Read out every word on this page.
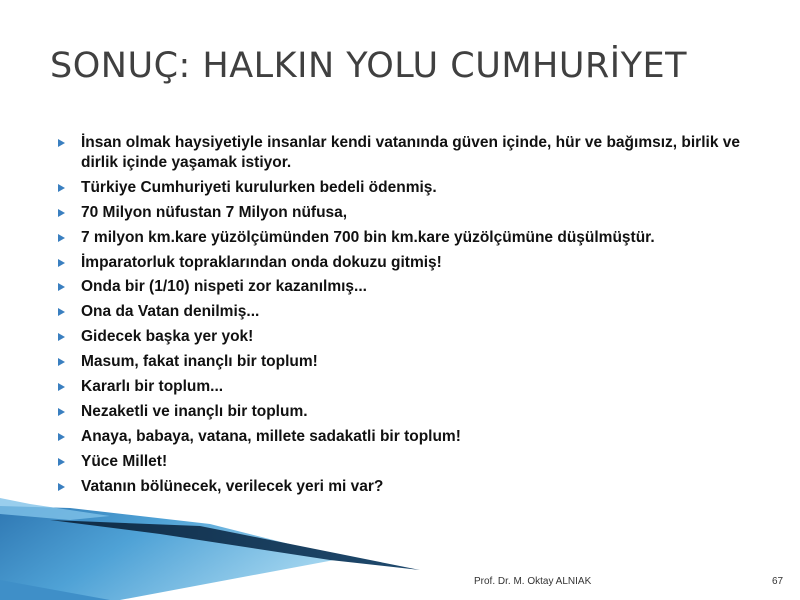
SONUÇ: HALKIN YOLU CUMHURİYET
İnsan olmak haysiyetiyle insanlar kendi vatanında güven içinde, hür ve bağımsız, birlik ve dirlik içinde yaşamak istiyor.
Türkiye Cumhuriyeti kurulurken bedeli ödenmiş.
70 Milyon nüfustan 7 Milyon nüfusa,
7 milyon km.kare yüzölçümünden 700 bin km.kare yüzölçümüne düşülmüştür.
İmparatorluk topraklarından onda dokuzu gitmiş!
Onda bir (1/10) nispeti zor kazanılmış...
Ona da Vatan denilmiş...
Gidecek başka yer yok!
Masum, fakat inançlı bir toplum!
Kararlı bir toplum...
Nezaketli ve inançlı bir toplum.
Anaya, babaya, vatana, millete sadakatli bir toplum!
Yüce Millet!
Vatanın bölünecek, verilecek yeri mi var?
Prof. Dr. M. Oktay ALNIAK	67
